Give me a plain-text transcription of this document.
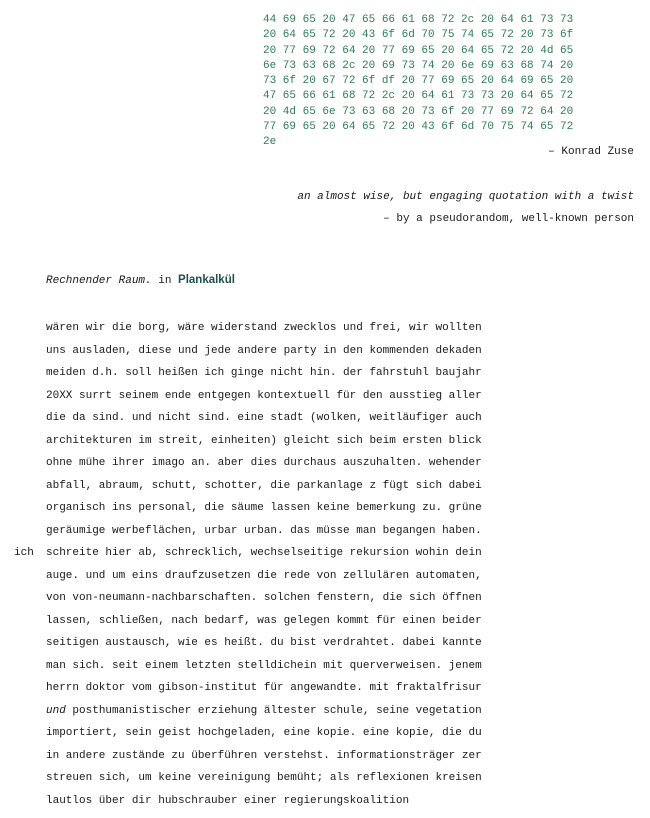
44 69 65 20 47 65 66 61 68 72 2c 20 64 61 73 73
20 64 65 72 20 43 6f 6d 70 75 74 65 72 20 73 6f
20 77 69 72 64 20 77 69 65 20 64 65 72 20 4d 65
6e 73 63 68 2c 20 69 73 74 20 6e 69 63 68 74 20
73 6f 20 67 72 6f df 20 77 69 65 20 64 69 65 20
47 65 66 61 68 72 2c 20 64 61 73 73 20 64 65 72
20 4d 65 6e 73 63 68 20 73 6f 20 77 69 72 64 20
77 69 65 20 64 65 72 20 43 6f 6d 70 75 74 65 72
2e
– Konrad Zuse
an almost wise, but engaging quotation with a twist
– by a pseudorandom, well-known person
Rechnender Raum. in Plankalkül
wären wir die borg, wäre widerstand zwecklos und frei, wir wollten
uns ausladen, diese und jede andere party in den kommenden dekaden
meiden d.h. soll heißen ich ginge nicht hin. der fahrstuhl baujahr
20XX surrt seinem ende entgegen kontextuell für den ausstieg aller
die da sind. und nicht sind. eine stadt (wolken, weitläufiger auch
architekturen im streit, einheiten) gleicht sich beim ersten blick
ohne mühe ihrer imago an. aber dies durchaus auszuhalten. wehender
abfall, abraum, schutt, schotter, die parkanlage z fügt sich dabei
organisch ins personal, die säume lassen keine bemerkung zu. grüne
geräumige werbeflächen, urbar urban. das müsse man begangen haben.
ich schreite hier ab, schrecklich, wechselseitige rekursion wohin dein
auge. und um eins draufzusetzen die rede von zellulären automaten,
von von-neumann-nachbarschaften. solchen fenstern, die sich öffnen
lassen, schließen, nach bedarf, was gelegen kommt für einen beider
seitigen austausch, wie es heißt. du bist verdrahtet. dabei kannte
man sich. seit einem letzten stelldichein mit querverweisen. jenem
herrn doktor vom gibson-institut für angewandte. mit fraktalfrisur
und posthumanistischer erziehung ältester schule, seine vegetation
importiert, sein geist hochgeladen, eine kopie. eine kopie, die du
in andere zustände zu überführen verstehst. informationsträger zer
streuen sich, um keine vereinigung bemüht; als reflexionen kreisen
lautlos über dir hubschrauber einer regierungskoalition
